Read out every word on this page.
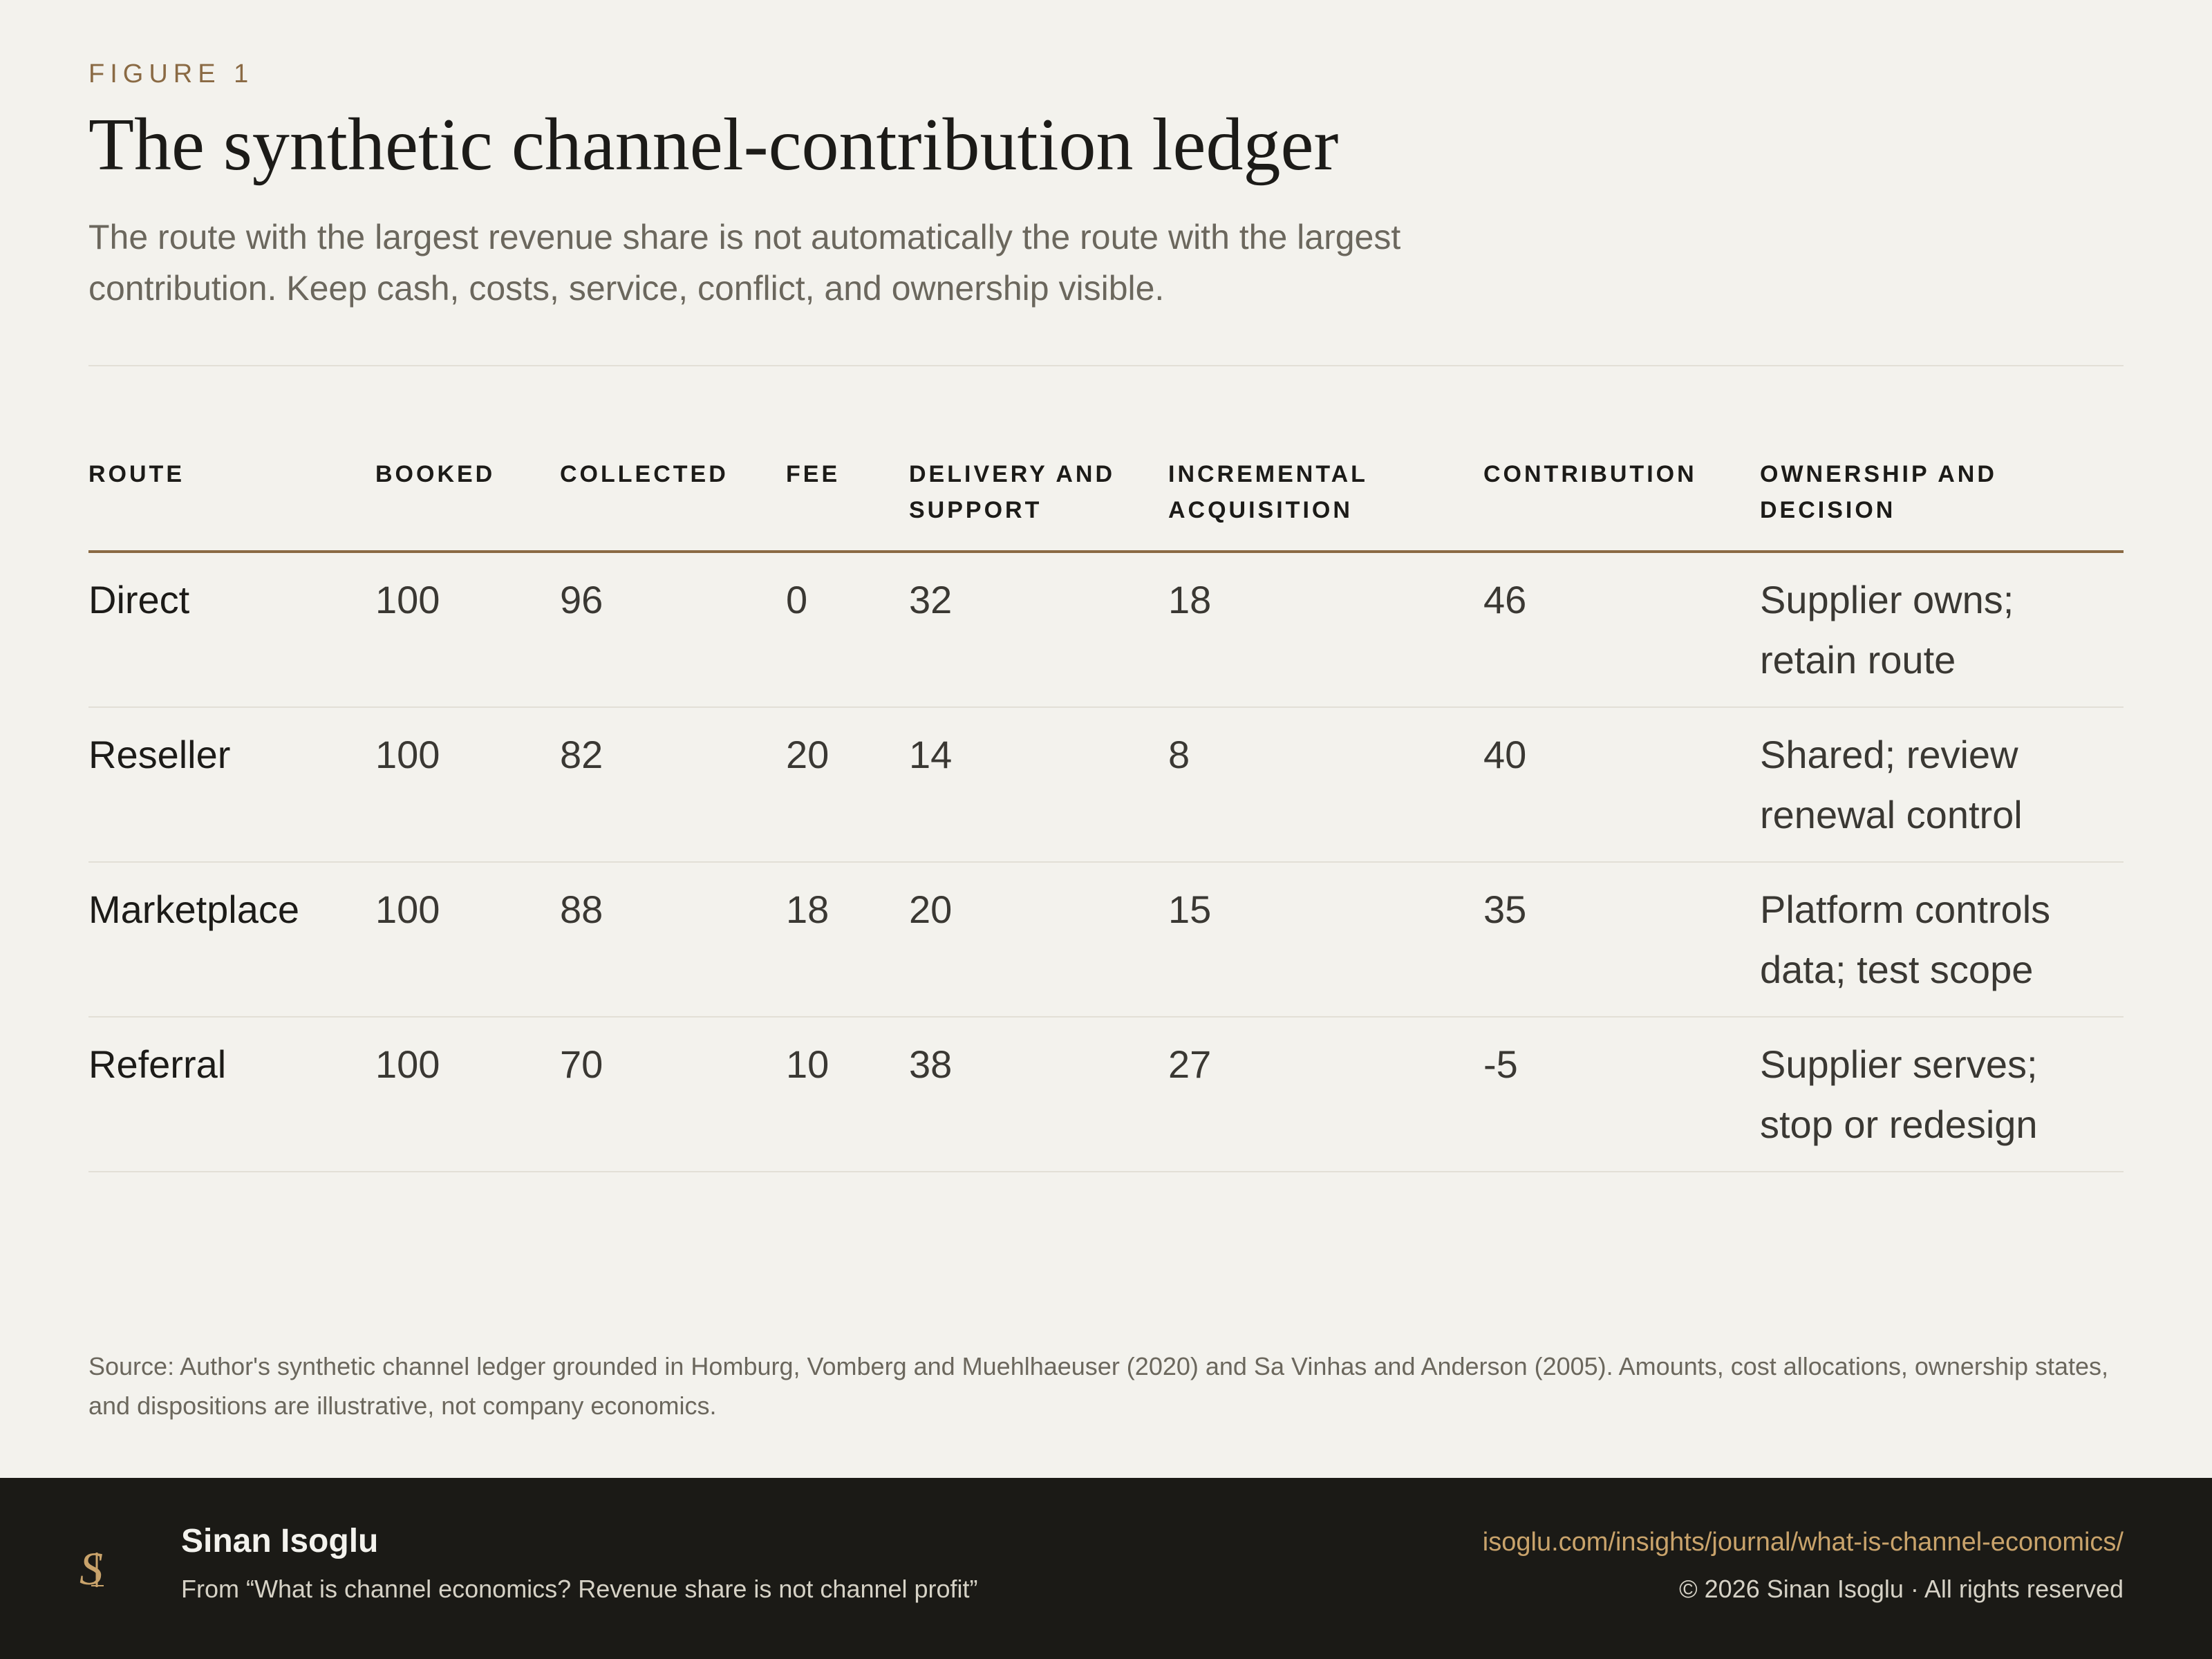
FIGURE 1
The synthetic channel-contribution ledger

The route with the largest revenue share is not automatically the route with the largest contribution. Keep cash, costs, service, conflict, and ownership visible.

ROUTE	BOOKED	COLLECTED	FEE	DELIVERY AND SUPPORT	INCREMENTAL ACQUISITION	CONTRIBUTION	OWNERSHIP AND DECISION
Direct	100	96	0	32	18	46	Supplier owns; retain route
Reseller	100	82	20	14	8	40	Shared; review renewal control
Marketplace	100	88	18	20	15	35	Platform controls data; test scope
Referral	100	70	10	38	27	-5	Supplier serves; stop or redesign

Source: Author's synthetic channel ledger grounded in Homburg, Vomberg and Muehlhaeuser (2020) and Sa Vinhas and Anderson (2005). Amounts, cost allocations, ownership states, and dispositions are illustrative, not company economics.

S
Sinan Isoglu
From “What is channel economics? Revenue share is not channel profit”
isoglu.com/insights/journal/what-is-channel-economics/
© 2026 Sinan Isoglu · All rights reserved
